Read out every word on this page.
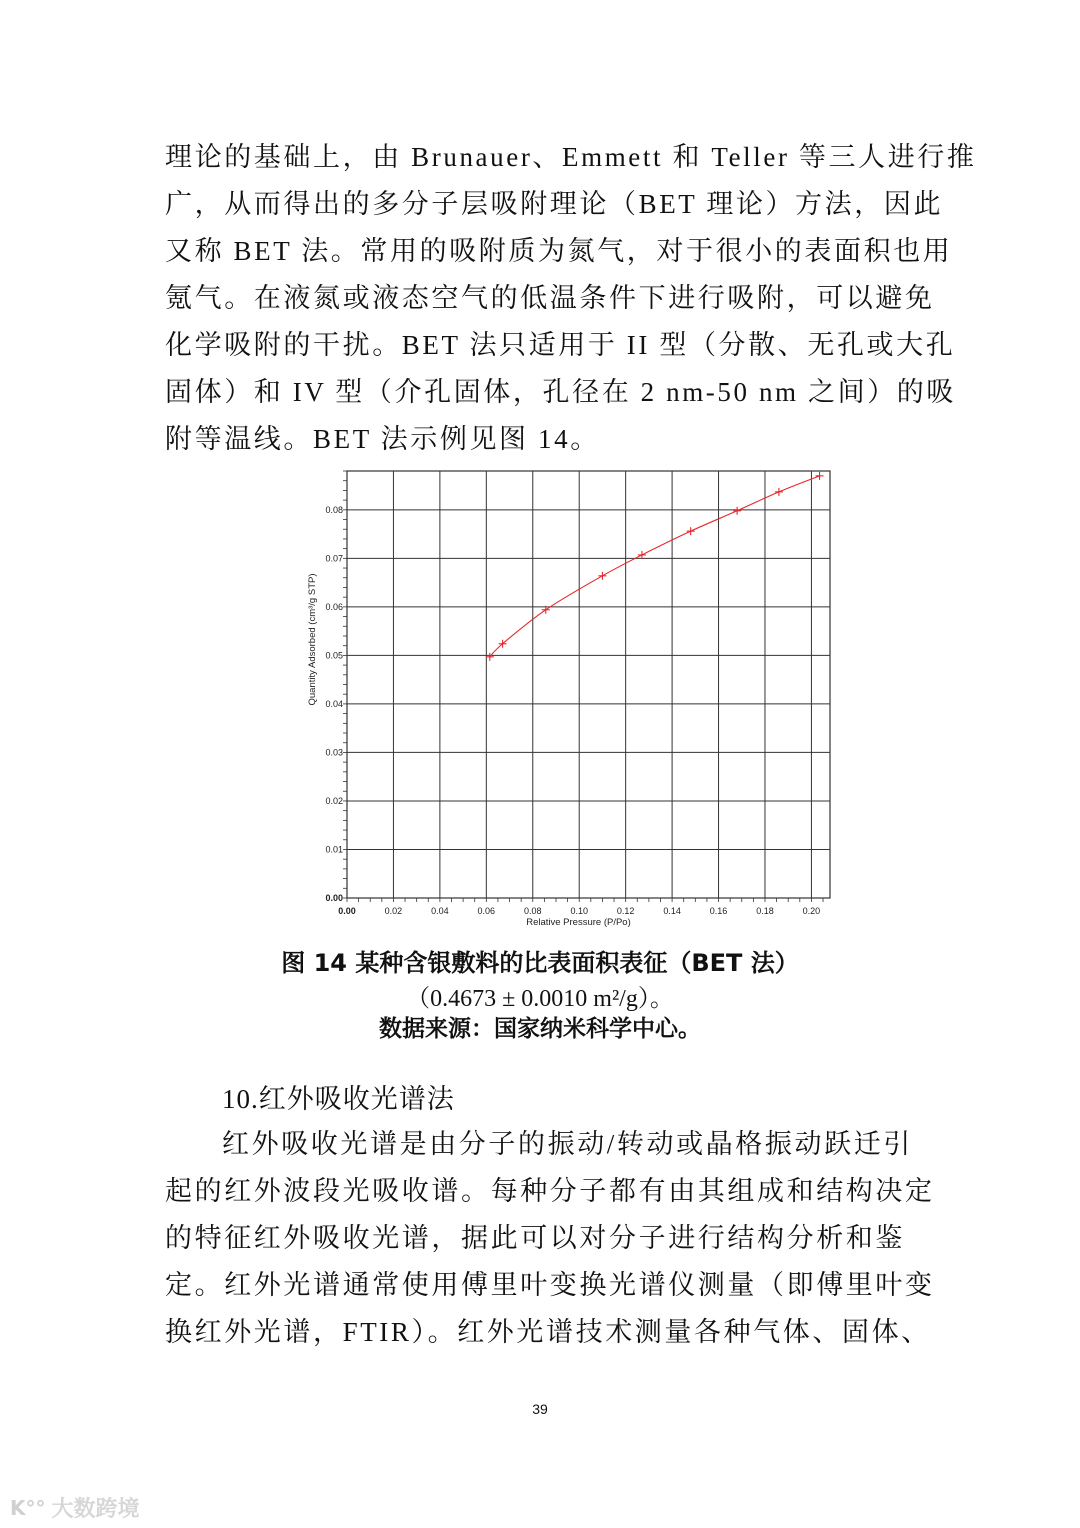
理论的基础上，由 Brunauer、Emmett 和 Teller 等三人进行推
广，从而得出的多分子层吸附理论（BET 理论）方法，因此
又称 BET 法。常用的吸附质为氮气，对于很小的表面积也用
氪气。在液氮或液态空气的低温条件下进行吸附，可以避免
化学吸附的干扰。BET 法只适用于 II 型（分散、无孔或大孔
固体）和 IV 型（介孔固体，孔径在 2 nm-50 nm 之间）的吸
附等温线。BET 法示例见图 14。
0.00	0.02	0.04	0.06	0.08	0.10	0.12	0.14	0.16	0.18	0.20
0.00
0.01
0.02
0.03
0.04
0.05
0.06
0.07
0.08
Relative Pressure (P/Po)
Quantity Adsorbed (cm³/g STP)
图 14 某种含银敷料的比表面积表征（BET 法）
（0.4673 ± 0.0010 m²/g）。
数据来源：国家纳米科学中心。
10.红外吸收光谱法
红外吸收光谱是由分子的振动/转动或晶格振动跃迁引
起的红外波段光吸收谱。每种分子都有由其组成和结构决定
的特征红外吸收光谱，据此可以对分子进行结构分析和鉴
定。红外光谱通常使用傅里叶变换光谱仪测量（即傅里叶变
换红外光谱，FTIR）。红外光谱技术测量各种气体、固体、
39
K°° 大数跨境
